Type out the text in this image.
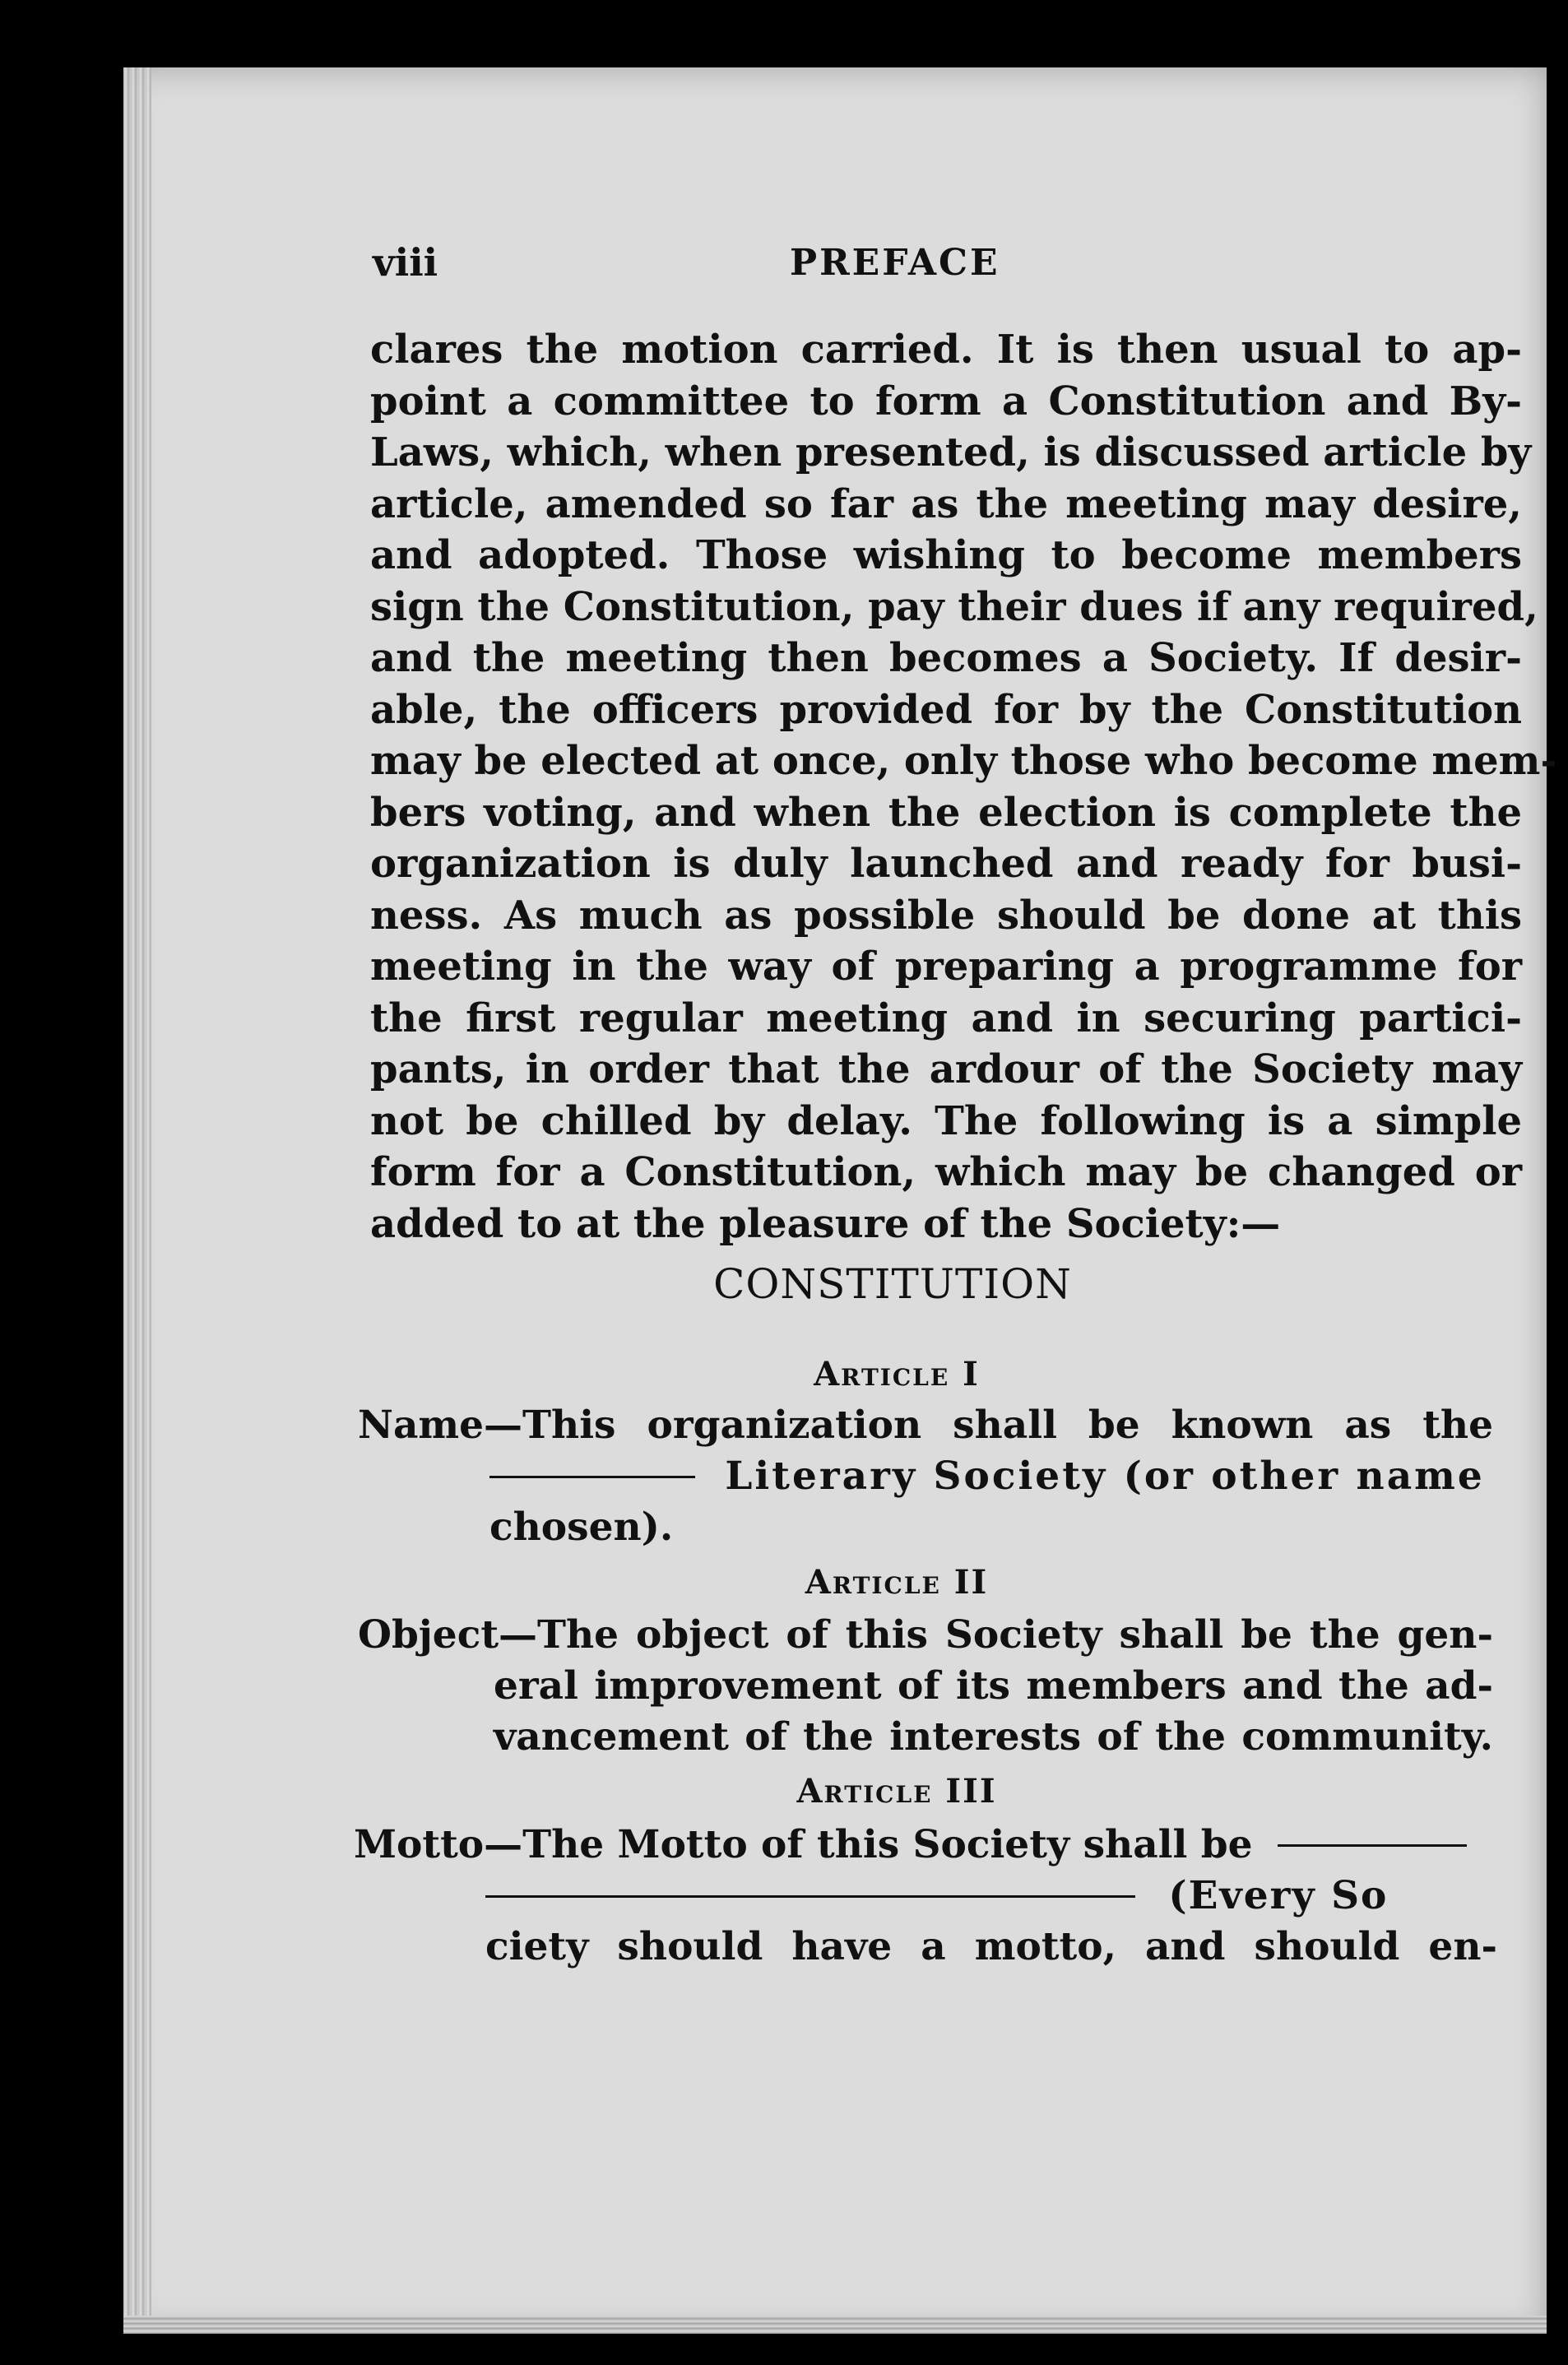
viii	PREFACE
clares the motion carried. It is then usual to ap-
point a committee to form a Constitution and By-
Laws, which, when presented, is discussed article by
article, amended so far as the meeting may desire,
and adopted. Those wishing to become members
sign the Constitution, pay their dues if any required,
and the meeting then becomes a Society. If desir-
able, the officers provided for by the Constitution
may be elected at once, only those who become mem-
bers voting, and when the election is complete the
organization is duly launched and ready for busi-
ness. As much as possible should be done at this
meeting in the way of preparing a programme for
the first regular meeting and in securing partici-
pants, in order that the ardour of the Society may
not be chilled by delay. The following is a simple
form for a Constitution, which may be changed or
added to at the pleasure of the Society:—
CONSTITUTION
Article I
Name—This organization shall be known as the
Literary Society (or other name
chosen).
Article II
Object—The object of this Society shall be the gen-
eral improvement of its members and the ad-
vancement of the interests of the community.
Article III
Motto—The Motto of this Society shall be
(Every So
ciety should have a motto, and should en-
